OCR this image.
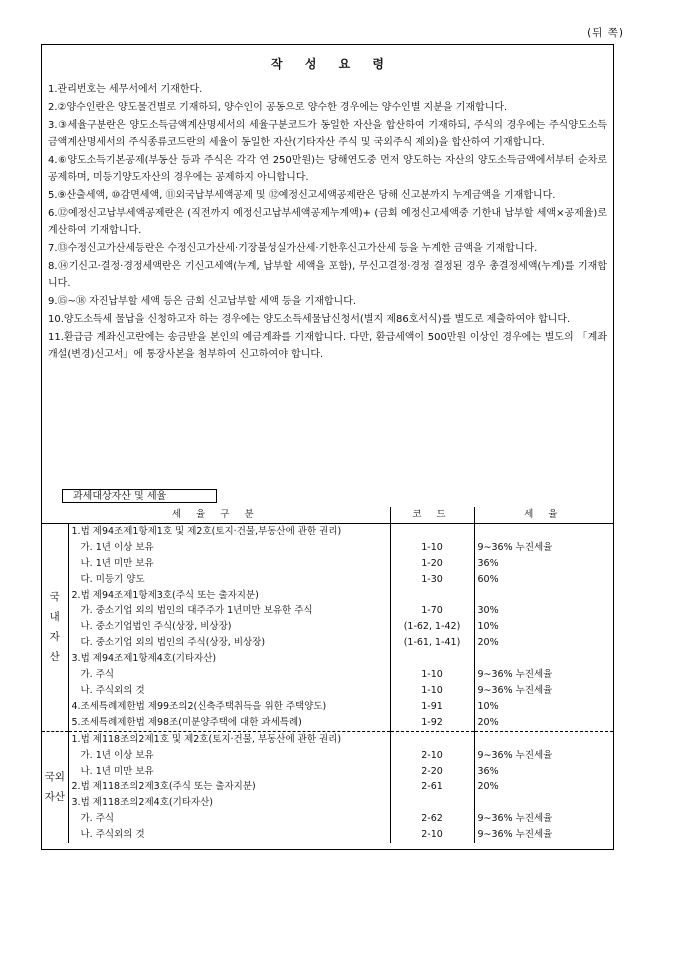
(뒤 쪽)
작 성 요 령

1.관리번호는 세무서에서 기재한다.

2.②양수인란은 양도물건별로 기재하되, 양수인이 공동으로 양수한 경우에는 양수인별 지분을 기재합니다.

3.③세율구분란은 양도소득금액계산명세서의 세율구분코드가 동일한 자산을 합산하여 기재하되, 주식의 경우에는 주식양도소득금액계산명세서의 주식종류코드란의 세율이 동일한 자산(기타자산 주식 및 국외주식 제외)을 합산하여 기재합니다.

4.⑥양도소득기본공제(부동산 등과 주식은 각각 연 250만원)는 당해연도중 먼저 양도하는 자산의 양도소득금액에서부터 순차로 공제하며, 미등기양도자산의 경우에는 공제하지 아니합니다.

5.⑨산출세액, ⑩감면세액, ⑪외국납부세액공제 및 ⑫예정신고세액공제란은 당해 신고분까지 누계금액을 기재합니다.

6.⑫예정신고납부세액공제란은 (직전까지 예정신고납부세액공제누계액)+ (금회 예정신고세액중 기한내 납부할 세액×공제율)로 계산하여 기재합니다.

7.⑬수정신고가산세등란은 수정신고가산세·기장불성실가산세·기한후신고가산세 등을 누계한 금액을 기재합니다.

8.⑭기신고·결정·경정세액란은 기신고세액(누계, 납부할 세액을 포함), 무신고결정·경정 결정된 경우 총결정세액(누계)를 기재합니다.

9.⑮~⑱ 자진납부할 세액 등은 금회 신고납부할 세액 등을 기재합니다.

10.양도소득세 물납을 신청하고자 하는 경우에는 양도소득세물납신청서(별지 제86호서식)를 별도로 제출하여야 합니다.

11.환급금 계좌신고란에는 송금받을 본인의 예금계좌를 기재합니다. 다만, 환급세액이 500만원 이상인 경우에는 별도의 「계좌개설(변경)신고서」에 통장사본을 첨부하여 신고하여야 합니다.

과세대상자산 및 세율
세 율 구 분		코 드	세 율
국
내
자
산	1.법 제94조제1항제1호 및 제2호(토지·건물,부동산에 관한 권리)		
	가. 1년 이상 보유	1-10	9∼36% 누진세율
	나. 1년 미만 보유	1-20	36%
	다. 미등기 양도	1-30	60%
	2.법 제94조제1항제3호(주식 또는 출자지분)		
	가. 중소기업 외의 법인의 대주주가 1년미만 보유한 주식	1-70	30%
	나. 중소기업법인 주식(상장, 비상장)	(1-62, 1-42)	10%
	다. 중소기업 외의 법인의 주식(상장, 비상장)	(1-61, 1-41)	20%
	3.법 제94조제1항제4호(기타자산)		
	가. 주식	1-10	9∼36% 누진세율
	나. 주식외의 것	1-10	9∼36% 누진세율
	4.조세특례제한법 제99조의2(신축주택취득을 위한 주택양도)	1-91	10%
	5.조세특례제한법 제98조(미분양주택에 대한 과세특례)	1-92	20%
국외
자산	1.법 제118조의2제1호 및 제2호(토지·건물, 부동산에 관한 권리)		
	가. 1년 이상 보유	2-10	9∼36% 누진세율
	나. 1년 미만 보유	2-20	36%
	2.법 제118조의2제3호(주식 또는 출자지분)	2-61	20%
	3.법 제118조의2제4호(기타자산)		
	가. 주식	2-62	9∼36% 누진세율
	나. 주식외의 것	2-10	9∼36% 누진세율
